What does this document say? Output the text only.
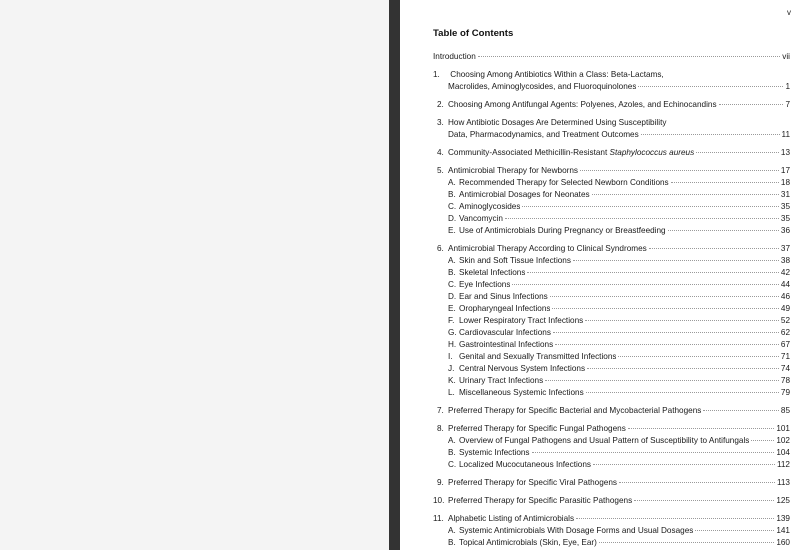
v
Table of Contents
Introduction	vii
1. Choosing Among Antibiotics Within a Class: Beta-Lactams,
Macrolides, Aminoglycosides, and Fluoroquinolones	1
2. Choosing Among Antifungal Agents: Polyenes, Azoles, and Echinocandins	7
3. How Antibiotic Dosages Are Determined Using Susceptibility
Data, Pharmacodynamics, and Treatment Outcomes	11
4. Community-Associated Methicillin-Resistant Staphylococcus aureus	13
5. Antimicrobial Therapy for Newborns	17
A. Recommended Therapy for Selected Newborn Conditions	18
B. Antimicrobial Dosages for Neonates	31
C. Aminoglycosides	35
D. Vancomycin	35
E. Use of Antimicrobials During Pregnancy or Breastfeeding	36
6. Antimicrobial Therapy According to Clinical Syndromes	37
A. Skin and Soft Tissue Infections	38
B. Skeletal Infections	42
C. Eye Infections	44
D. Ear and Sinus Infections	46
E. Oropharyngeal Infections	49
F. Lower Respiratory Tract Infections	52
G. Cardiovascular Infections	62
H. Gastrointestinal Infections	67
I. Genital and Sexually Transmitted Infections	71
J. Central Nervous System Infections	74
K. Urinary Tract Infections	78
L. Miscellaneous Systemic Infections	79
7. Preferred Therapy for Specific Bacterial and Mycobacterial Pathogens	85
8. Preferred Therapy for Specific Fungal Pathogens	101
A. Overview of Fungal Pathogens and Usual Pattern of Susceptibility to Antifungals	102
B. Systemic Infections	104
C. Localized Mucocutaneous Infections	112
9. Preferred Therapy for Specific Viral Pathogens	113
10. Preferred Therapy for Specific Parasitic Pathogens	125
11. Alphabetic Listing of Antimicrobials	139
A. Systemic Antimicrobials With Dosage Forms and Usual Dosages	141
B. Topical Antimicrobials (Skin, Eye, Ear)	160
